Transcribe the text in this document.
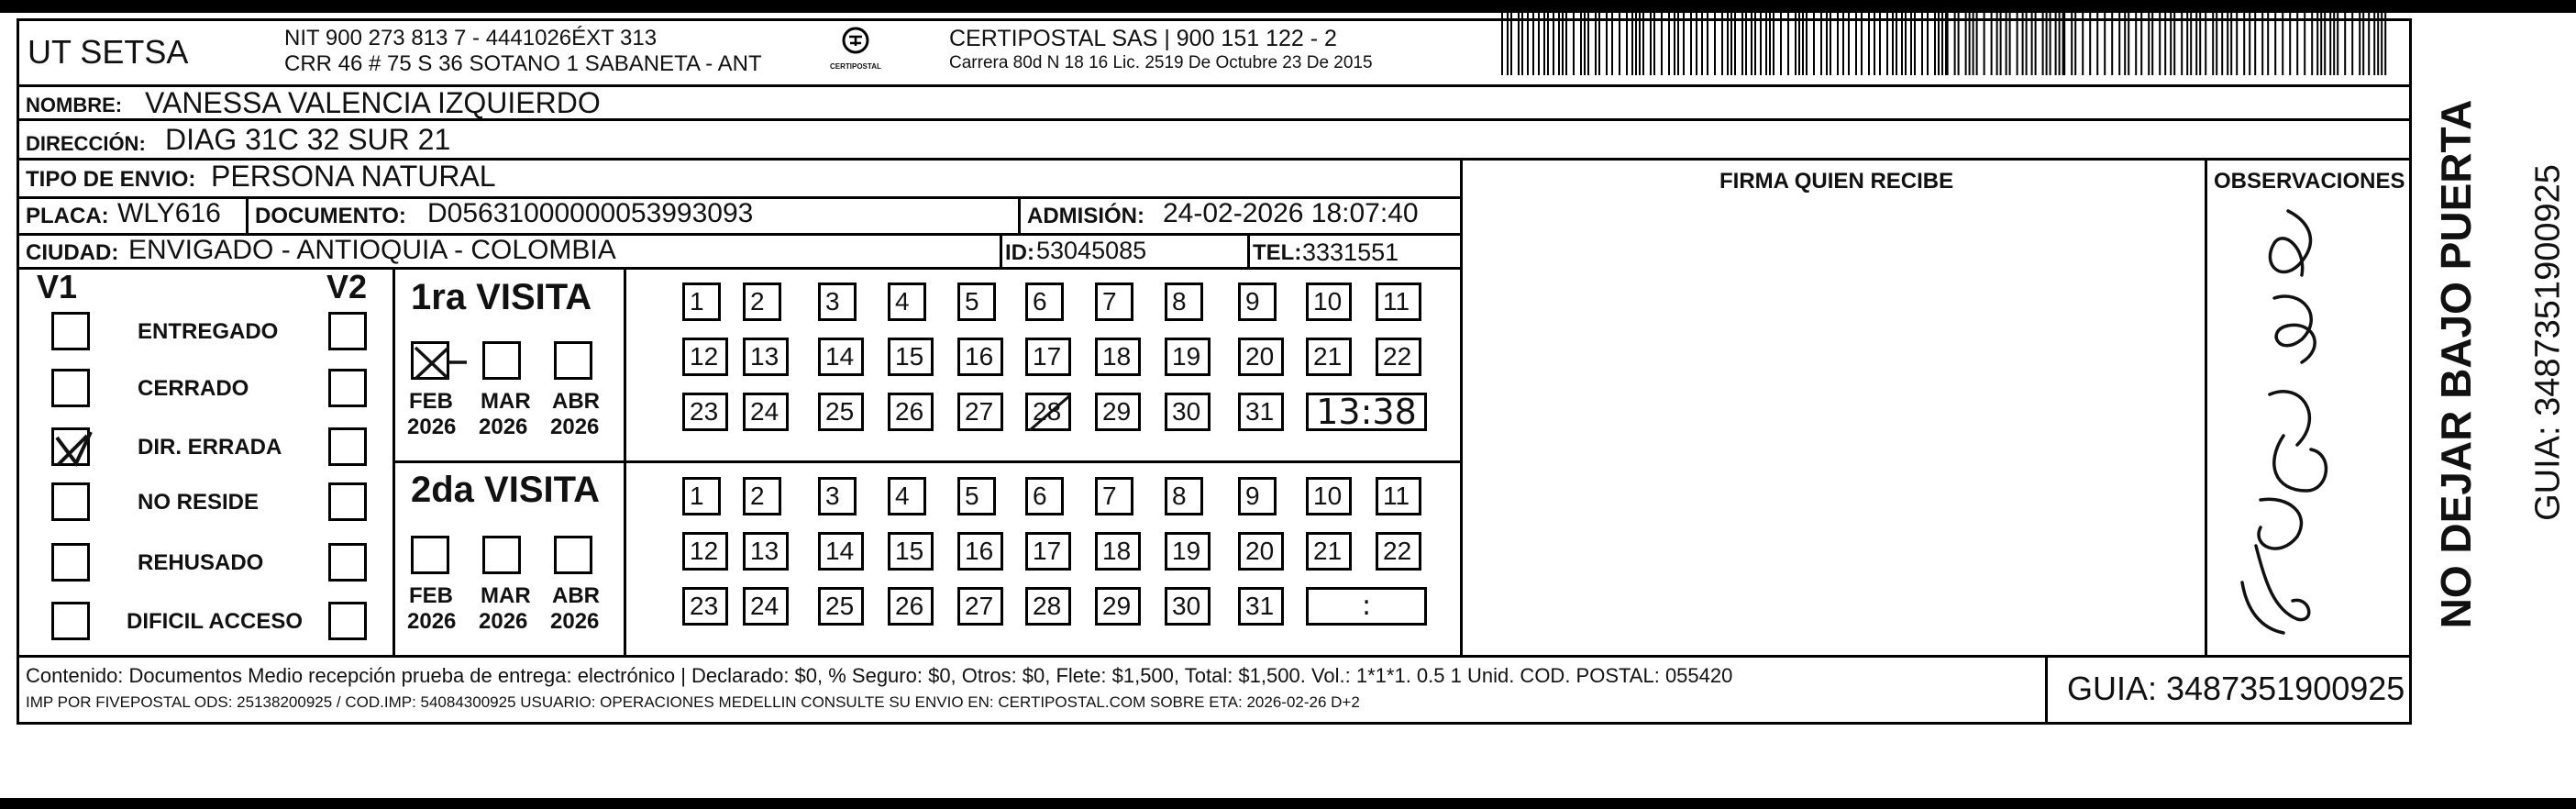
UT SETSA	NIT 900 273 813 7 - 4441026ÉXT 313
CRR 46 # 75 S 36 SOTANO 1 SABANETA - ANT	CERTIPOSTAL
CERTIPOSTAL SAS | 900 151 122 - 2
Carrera 80d N 18 16 Lic. 2519 De Octubre 23 De 2015
NOMBRE: VANESSA VALENCIA IZQUIERDO
DIRECCIÓN: DIAG 31C 32 SUR 21
TIPO DE ENVIO: PERSONA NATURAL	FIRMA QUIEN RECIBE	OBSERVACIONES
PLACA: WLY616 DOCUMENTO: D05631000000053993093	ADMISIÓN: 24-02-2026 18:07:40
CIUDAD: ENVIGADO - ANTIOQUIA - COLOMBIA	ID: 53045085	TEL: 3331551
V1	V2 1ra VISITA
2da VISITA
Contenido: Documentos Medio recepción prueba de entrega: electrónico | Declarado: $0, % Seguro: $0, Otros: $0, Flete: $1,500, Total: $1,500. Vol.: 1*1*1. 0.5 1 Unid. COD. POSTAL: 055420
IMP POR FIVEPOSTAL ODS: 25138200925 / COD.IMP: 54084300925 USUARIO: OPERACIONES MEDELLIN CONSULTE SU ENVIO EN: CERTIPOSTAL.COM SOBRE ETA: 2026-02-26 D+2	GUIA: 3487351900925
NO DEJAR BAJO PUERTA GUIA: 3487351900925
ENTREGADO
CERRADO
DIR. ERRADA
NO RESIDE
REHUSADO
DIFICIL ACCESO
FEB
2026
MAR
2026
ABR
2026
FEB
2026
MAR
2026
ABR
2026
1	2	3	4	5	6	7	8	9	10	11
12	13	14	15	16	17	18	19	20	21	22
23	24	25	26	27	28	29	30	31 13:38
1	2	3	4	5	6	7	8	9	10	11
12	13	14	15	16	17	18	19	20	21	22
23	24	25	26	27	28	29	30	31	:
